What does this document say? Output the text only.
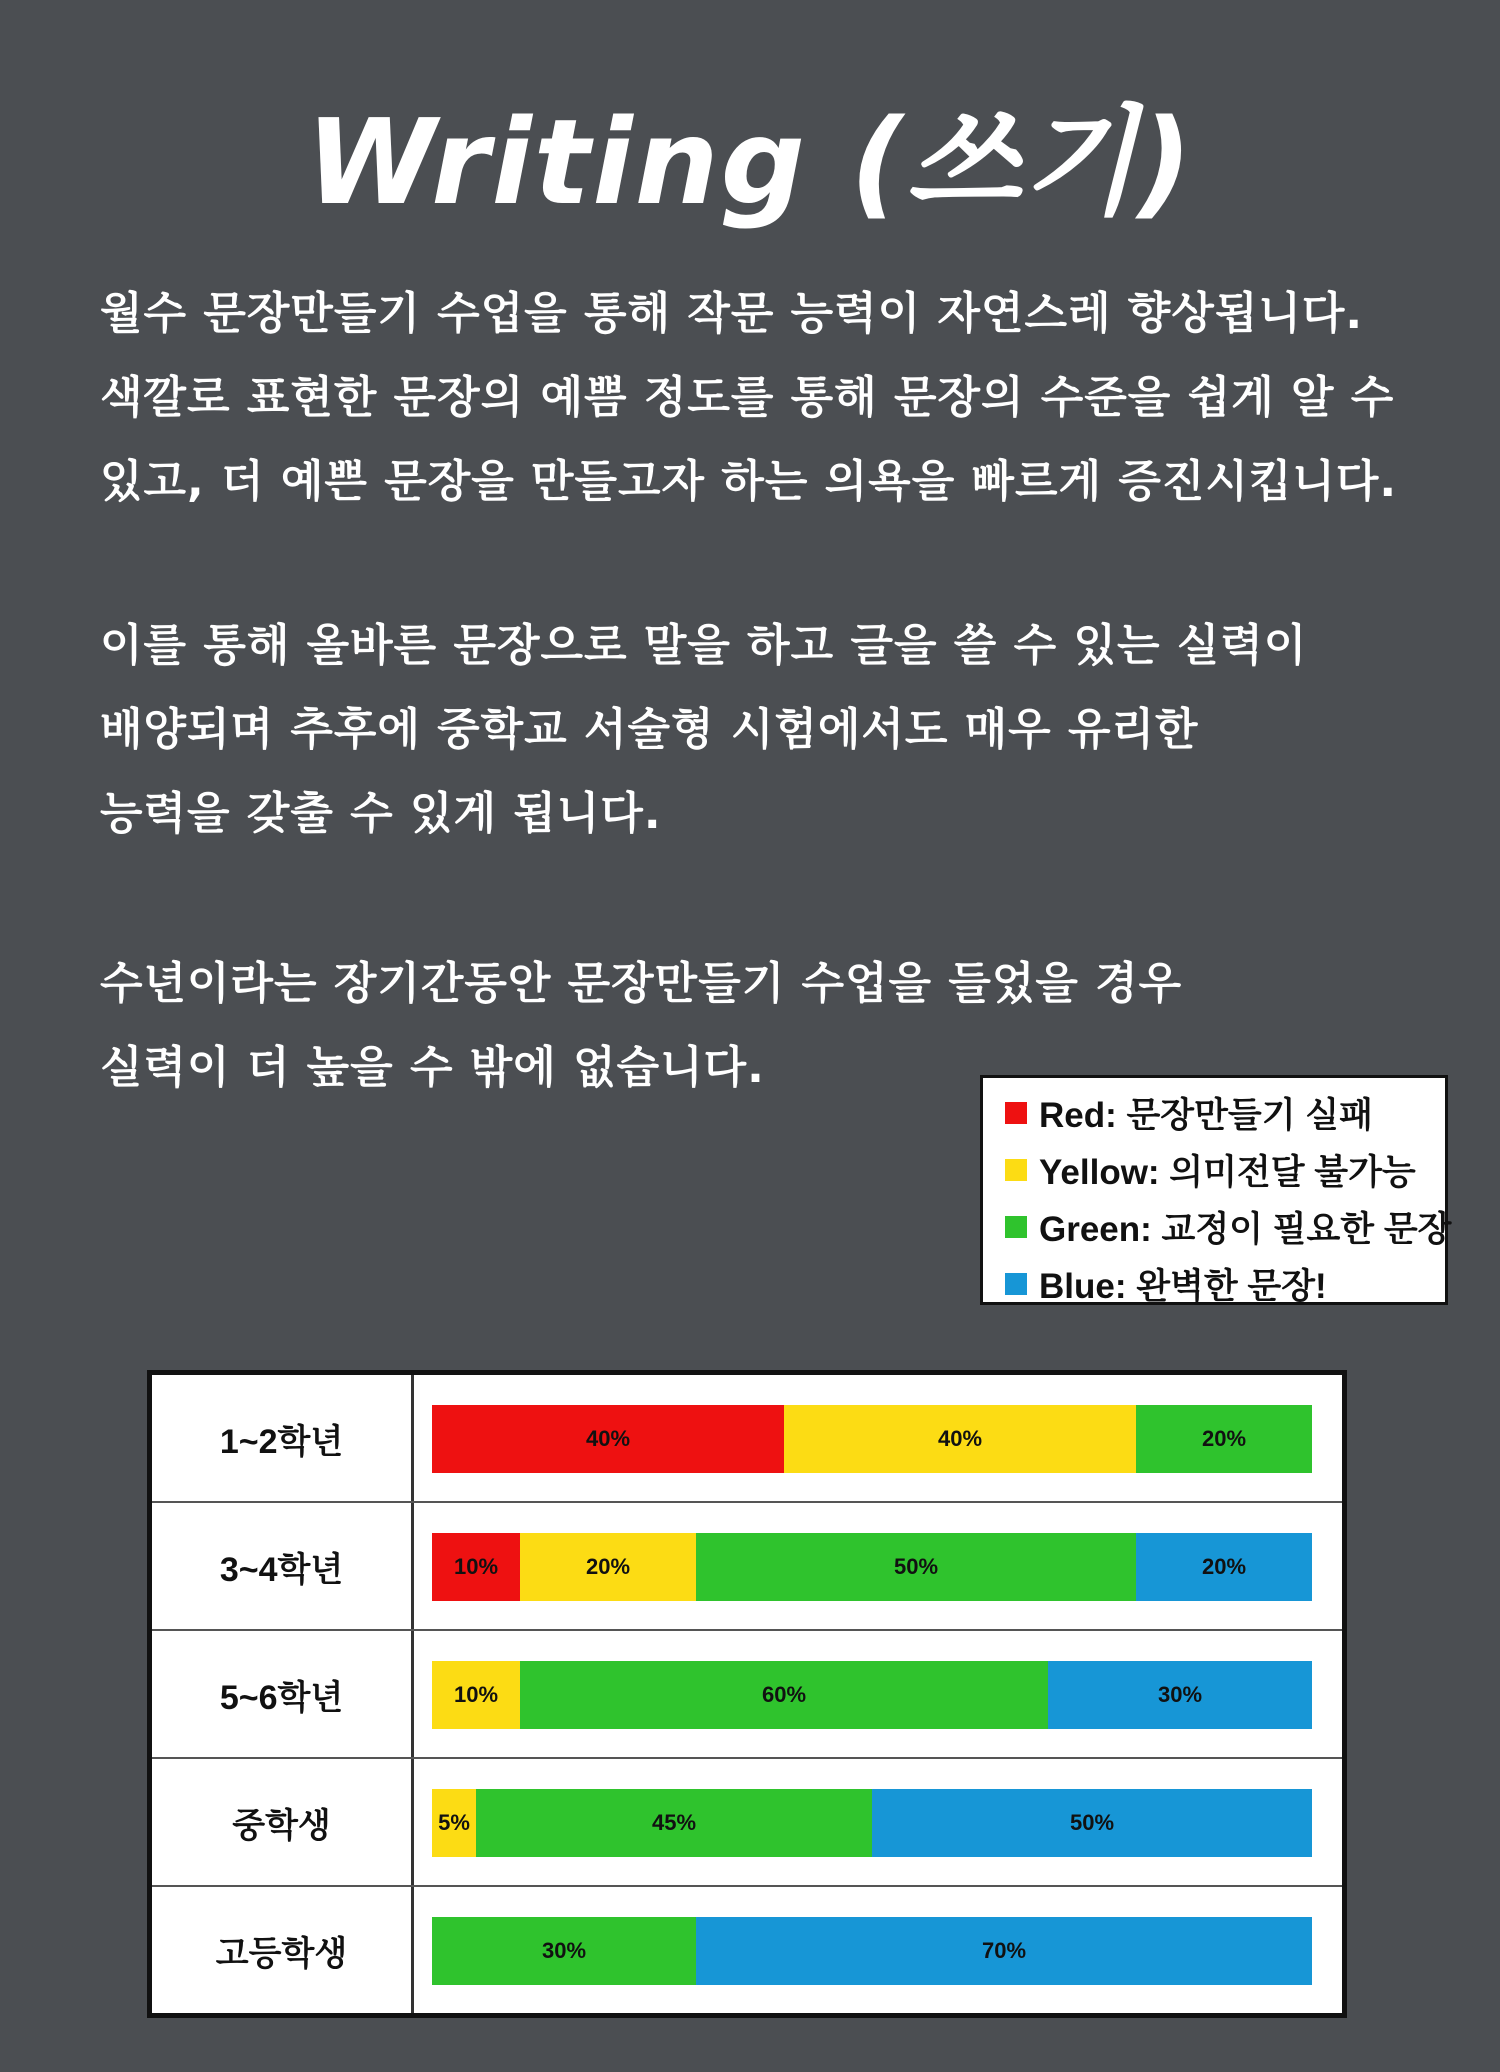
Writing (쓰기)
월수 문장만들기 수업을 통해 작문 능력이 자연스레 향상됩니다.
색깔로 표현한 문장의 예쁨 정도를 통해 문장의 수준을 쉽게 알 수
있고, 더 예쁜 문장을 만들고자 하는 의욕을 빠르게 증진시킵니다.
이를 통해 올바른 문장으로 말을 하고 글을 쓸 수 있는 실력이
배양되며 추후에 중학교 서술형 시험에서도 매우 유리한
능력을 갖출 수 있게 됩니다.
수년이라는 장기간동안 문장만들기 수업을 들었을 경우
실력이 더 높을 수 밖에 없습니다.
Red: 문장만들기 실패
Yellow: 의미전달 불가능
Green: 교정이 필요한 문장
Blue: 완벽한 문장!
1~2학년	40%	40%	20%
3~4학년	10%	20%	50%	20%
5~6학년	10%	60%	30%
중학생	5%	45%	50%
고등학생	30%	70%
